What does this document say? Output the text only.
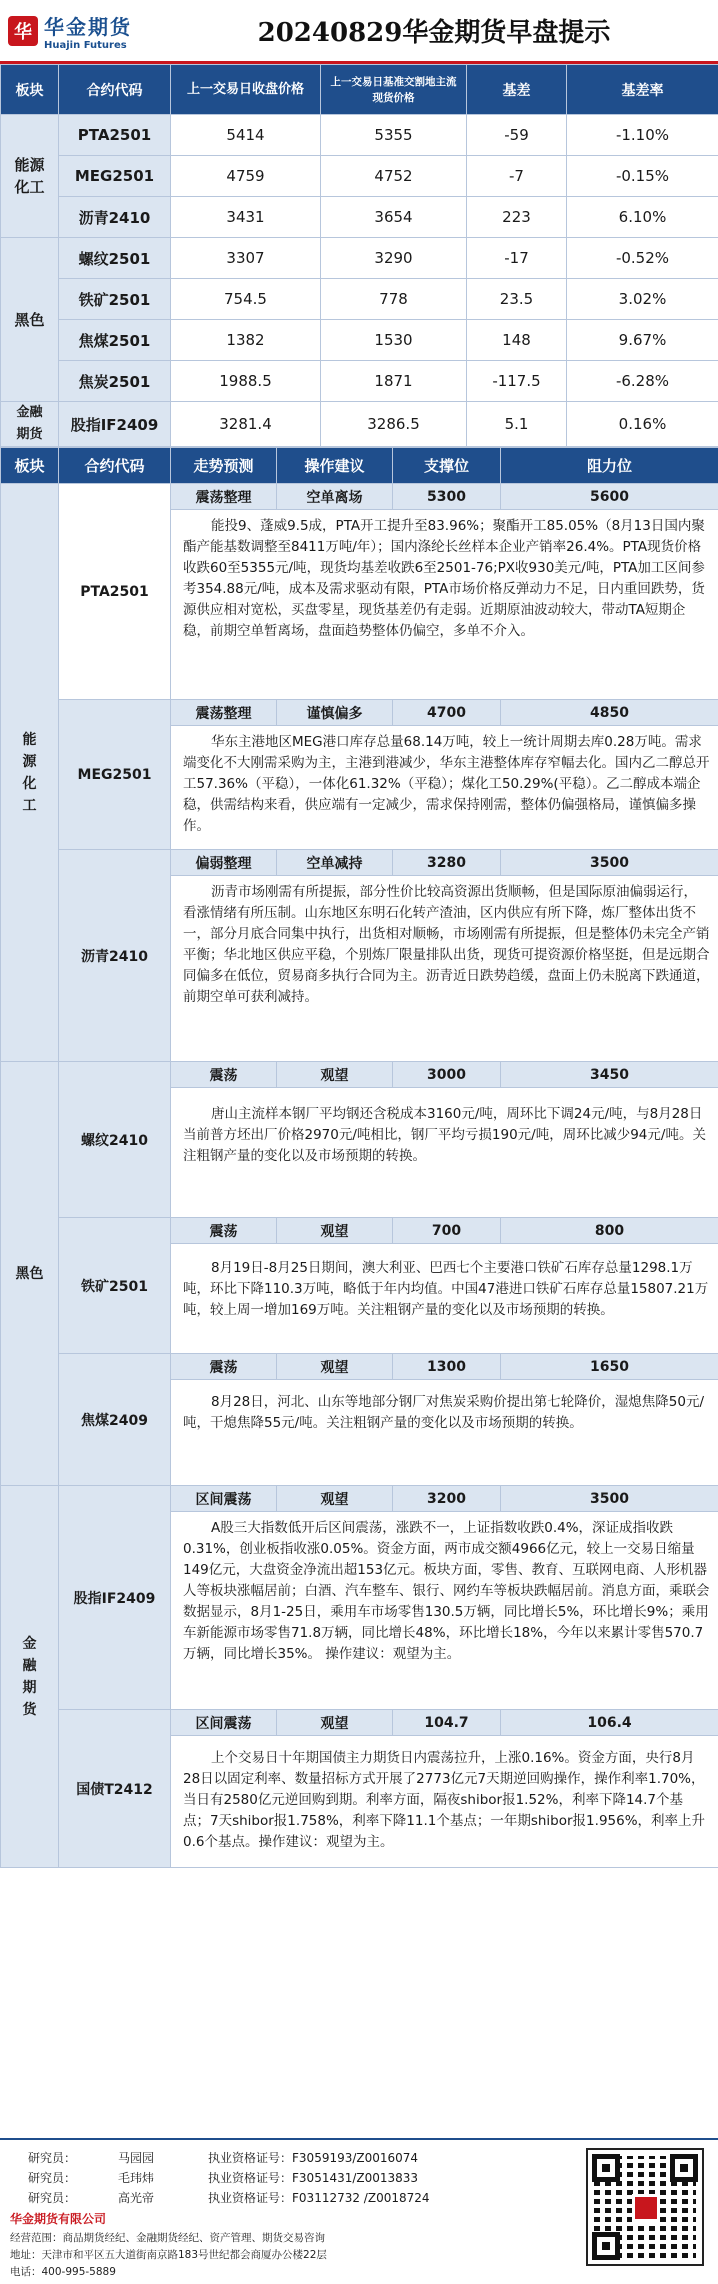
华 华金期货
Huajin Futures	20240829华金期货早盘提示
板块	合约代码	上一交易日收盘价格	上一交易日基准交割地主流现货价格	基差	基差率
能源化工	PTA2501	5414	5355	-59	-1.10%
	MEG2501	4759	4752	-7	-0.15%
	沥青2410	3431	3654	223	6.10%
黑色	螺纹2501	3307	3290	-17	-0.52%
	铁矿2501	754.5	778	23.5	3.02%
	焦煤2501	1382	1530	148	9.67%
	焦炭2501	1988.5	1871	-117.5	-6.28%
金融期货	股指IF2409	3281.4	3286.5	5.1	0.16%
板块	合约代码	走势预测	操作建议	支撑位	阻力位
能源化工	PTA2501	震荡整理	空单离场	5300	5600
		能投9、蓬威9.5成，PTA开工提升至83.96%；聚酯开工85.05%（8月13日国内聚酯产能基数调整至8411万吨/年）；国内涤纶长丝样本企业产销率26.4%。PTA现货价格收跌60至5355元/吨，现货均基差收跌6至2501-76;PX收930美元/吨，PTA加工区间参考354.88元/吨，成本及需求驱动有限，PTA市场价格反弹动力不足，日内重回跌势，货源供应相对宽松，买盘零星，现货基差仍有走弱。近期原油波动较大，带动TA短期企稳，前期空单暂离场，盘面趋势整体仍偏空，多单不介入。			
	MEG2501	震荡整理	谨慎偏多	4700	4850
		华东主港地区MEG港口库存总量68.14万吨，较上一统计周期去库0.28万吨。需求端变化不大刚需采购为主，主港到港减少，华东主港整体库存窄幅去化。国内乙二醇总开工57.36%（平稳），一体化61.32%（平稳）；煤化工50.29%(平稳）。乙二醇成本端企稳，供需结构来看，供应端有一定减少，需求保持刚需，整体仍偏强格局，谨慎偏多操作。			
	沥青2410	偏弱整理	空单减持	3280	3500
		沥青市场刚需有所提振，部分性价比较高资源出货顺畅，但是国际原油偏弱运行，看涨情绪有所压制。山东地区东明石化转产渣油，区内供应有所下降，炼厂整体出货不一，部分月底合同集中执行，出货相对顺畅，市场刚需有所提振，但是整体仍未完全产销平衡；华北地区供应平稳，个别炼厂限量排队出货，现货可提资源价格坚挺，但是远期合同偏多在低位，贸易商多执行合同为主。沥青近日跌势趋缓，盘面上仍未脱离下跌通道，前期空单可获利减持。			
黑色	螺纹2410	震荡	观望	3000	3450
		唐山主流样本钢厂平均钢还含税成本3160元/吨，周环比下调24元/吨，与8月28日当前普方坯出厂价格2970元/吨相比，钢厂平均亏损190元/吨，周环比减少94元/吨。关注粗钢产量的变化以及市场预期的转换。			
	铁矿2501	震荡	观望	700	800
		8月19日-8月25日期间，澳大利亚、巴西七个主要港口铁矿石库存总量1298.1万吨，环比下降110.3万吨，略低于年内均值。中国47港进口铁矿石库存总量15807.21万吨，较上周一增加169万吨。关注粗钢产量的变化以及市场预期的转换。			
	焦煤2409	震荡	观望	1300	1650
		8月28日，河北、山东等地部分钢厂对焦炭采购价提出第七轮降价，湿熄焦降50元/吨，干熄焦降55元/吨。关注粗钢产量的变化以及市场预期的转换。			
金融期货	股指IF2409	区间震荡	观望	3200	3500
		A股三大指数低开后区间震荡，涨跌不一，上证指数收跌0.4%，深证成指收跌0.31%，创业板指收涨0.05%。资金方面，两市成交额4966亿元，较上一交易日缩量149亿元，大盘资金净流出超153亿元。板块方面，零售、教育、互联网电商、人形机器人等板块涨幅居前；白酒、汽车整车、银行、网约车等板块跌幅居前。消息方面，乘联会数据显示，8月1-25日，乘用车市场零售130.5万辆，同比增长5%，环比增长9%；乘用车新能源市场零售71.8万辆，同比增长48%，环比增长18%，今年以来累计零售570.7万辆，同比增长35%。 操作建议：观望为主。			
	国债T2412	区间震荡	观望	104.7	106.4
		上个交易日十年期国债主力期货日内震荡拉升，上涨0.16%。资金方面，央行8月28日以固定利率、数量招标方式开展了2773亿元7天期逆回购操作，操作利率1.70%，当日有2580亿元逆回购到期。利率方面，隔夜shibor报1.52%，利率下降14.7个基点；7天shibor报1.758%，利率下降11.1个基点；一年期shibor报1.956%，利率上升0.6个基点。操作建议：观望为主。			
研究员：	马园园	执业资格证号： F3059193/Z0016074
研究员：	毛玮炜	执业资格证号： F3051431/Z0013833
研究员：	高光帝	执业资格证号： F03112732 /Z0018724
华金期货有限公司
经营范围：商品期货经纪、金融期货经纪、资产管理、期货交易咨询
地址：天津市和平区五大道街南京路183号世纪都会商厦办公楼22层
电话：400-995-5889
